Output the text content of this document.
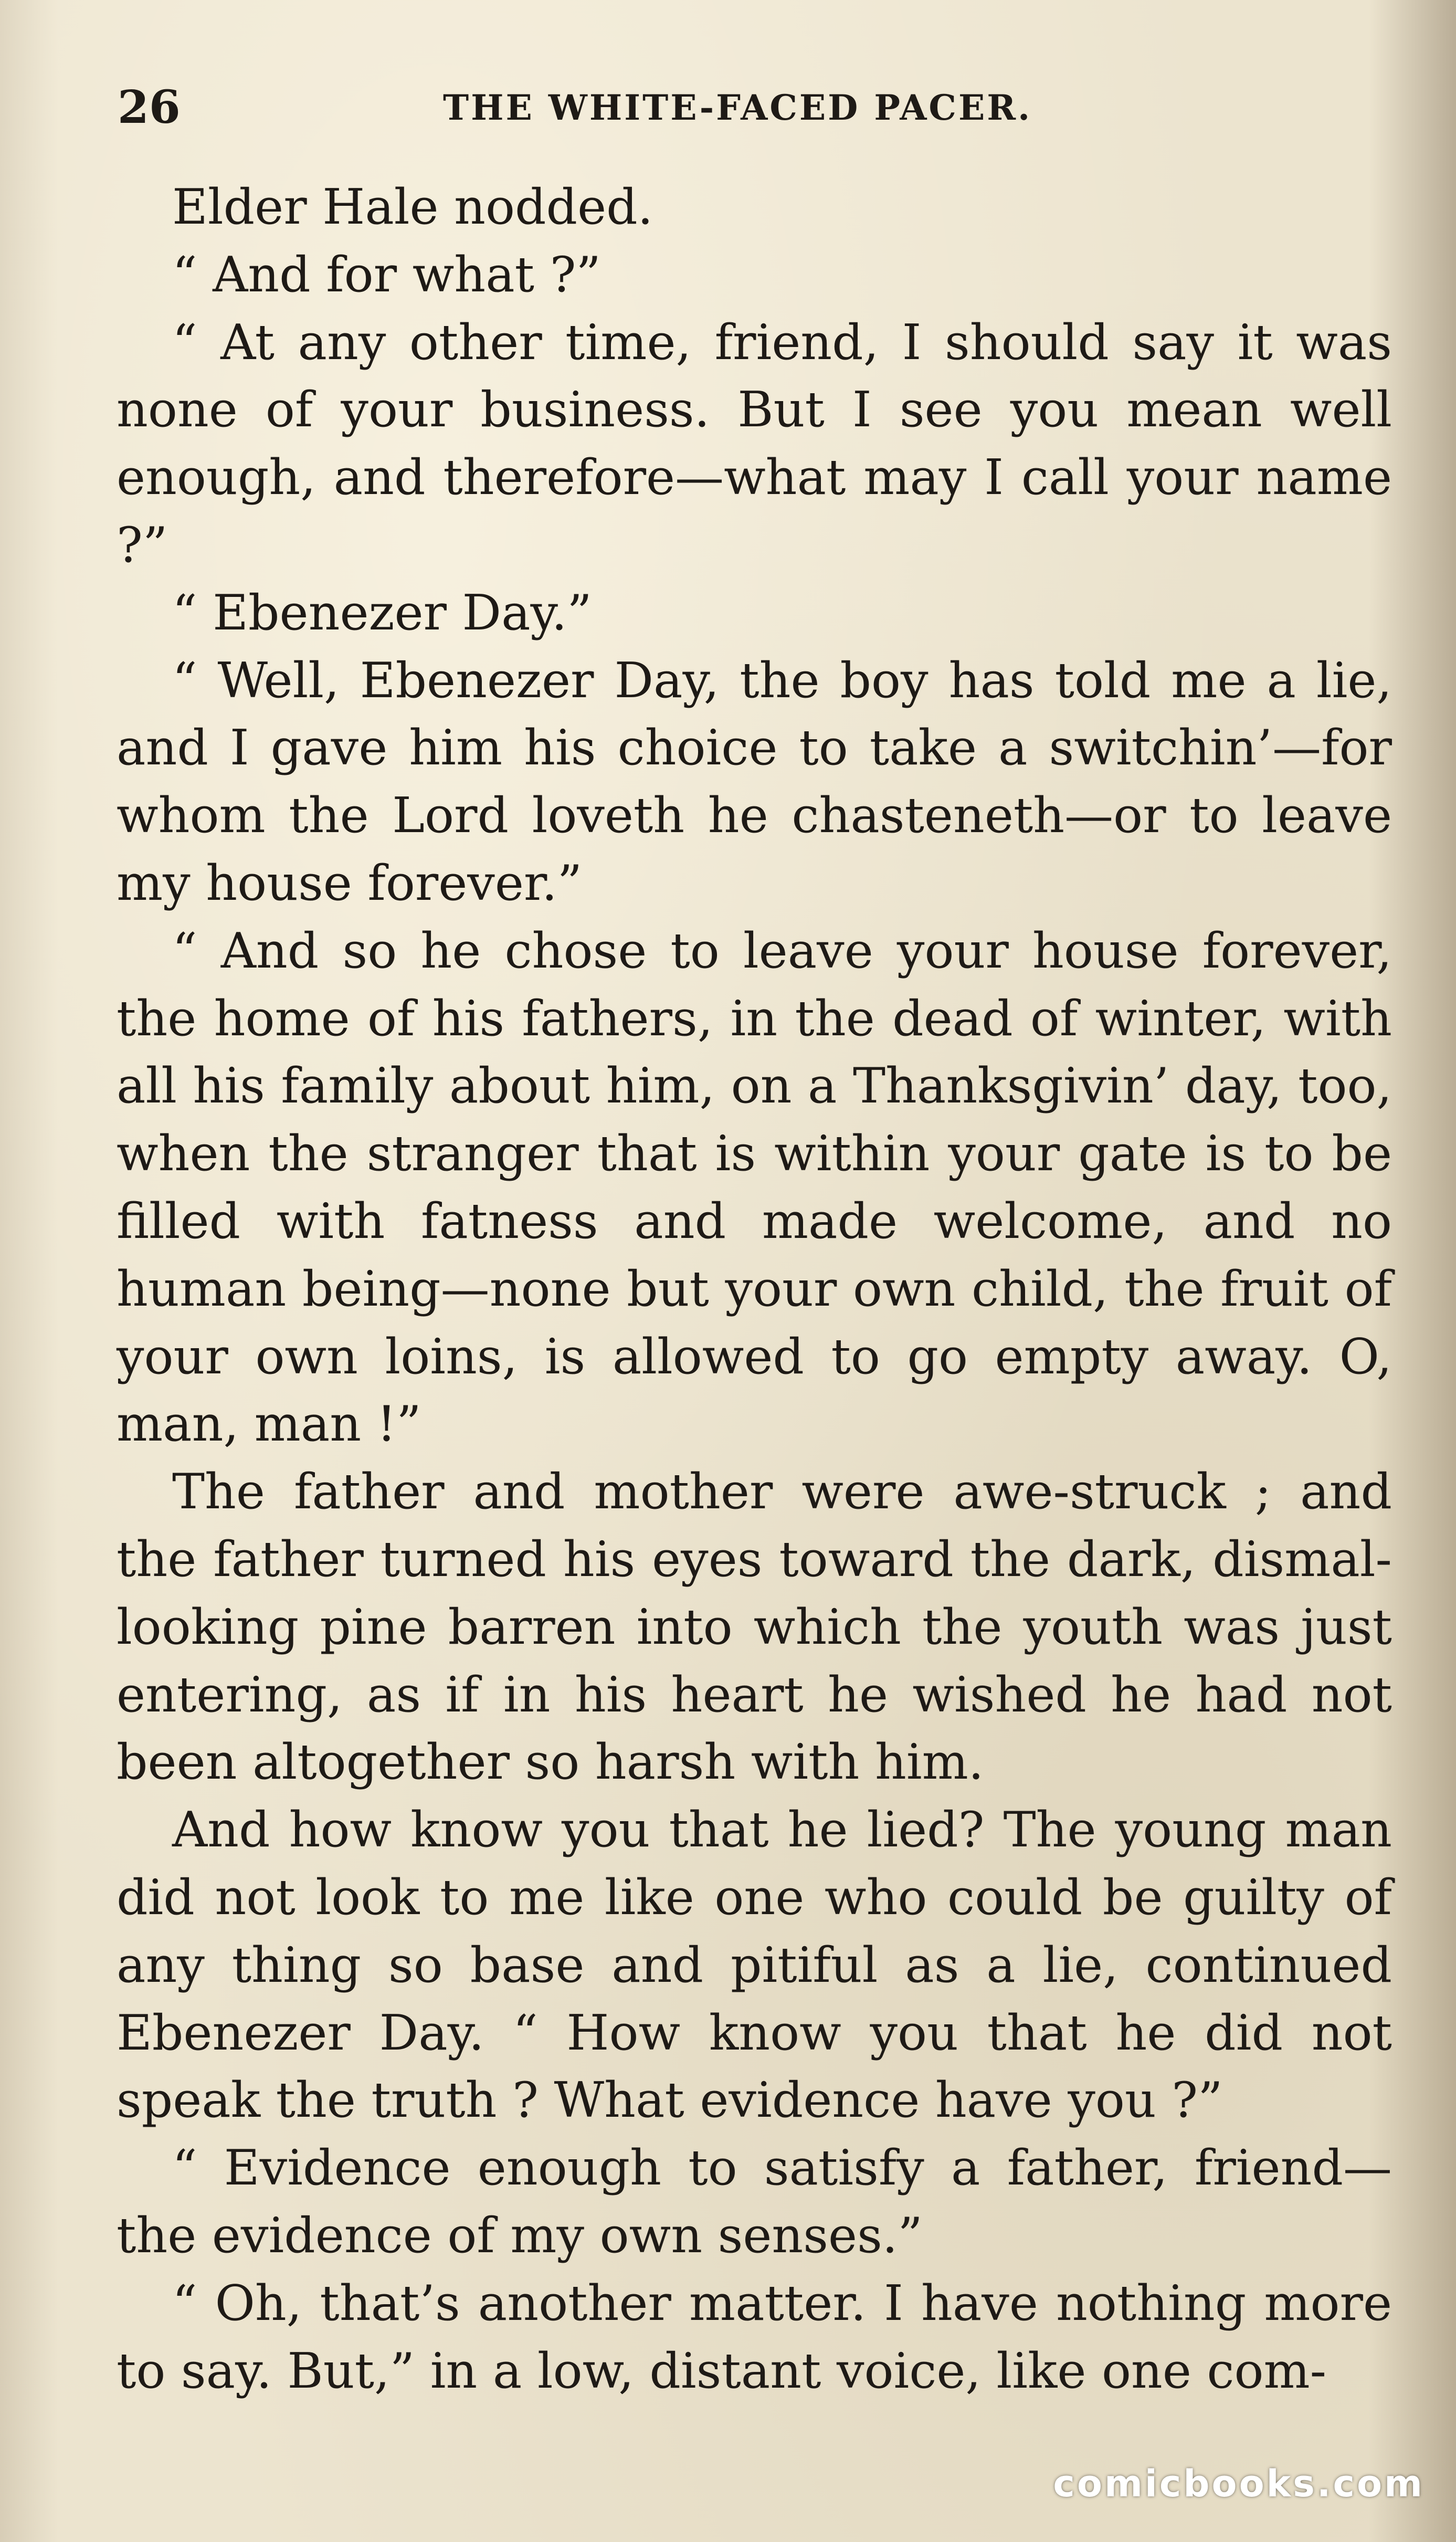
26	THE WHITE-FACED PACER.

Elder Hale nodded.

“ And for what ?”

“ At any other time, friend, I should say it was none of your business. But I see you mean well enough, and therefore—what may I call your name ?”

“ Ebenezer Day.”

“ Well, Ebenezer Day, the boy has told me a lie, and I gave him his choice to take a switchin’—for whom the Lord loveth he chasteneth—or to leave my house forever.”

“ And so he chose to leave your house forever, the home of his fathers, in the dead of winter, with all his family about him, on a Thanksgivin’ day, too, when the stranger that is within your gate is to be filled with fatness and made welcome, and no human being—none but your own child, the fruit of your own loins, is allowed to go empty away. O, man, man !”

The father and mother were awe-struck ; and the father turned his eyes toward the dark, dismal-looking pine barren into which the youth was just entering, as if in his heart he wished he had not been altogether so harsh with him.

And how know you that he lied? The young man did not look to me like one who could be guilty of any thing so base and pitiful as a lie, continued Ebenezer Day. “ How know you that he did not speak the truth ? What evidence have you ?”

“ Evidence enough to satisfy a father, friend—the evidence of my own senses.”

“ Oh, that’s another matter. I have nothing more to say. But,” in a low, distant voice, like one com-

comicbooks.com
